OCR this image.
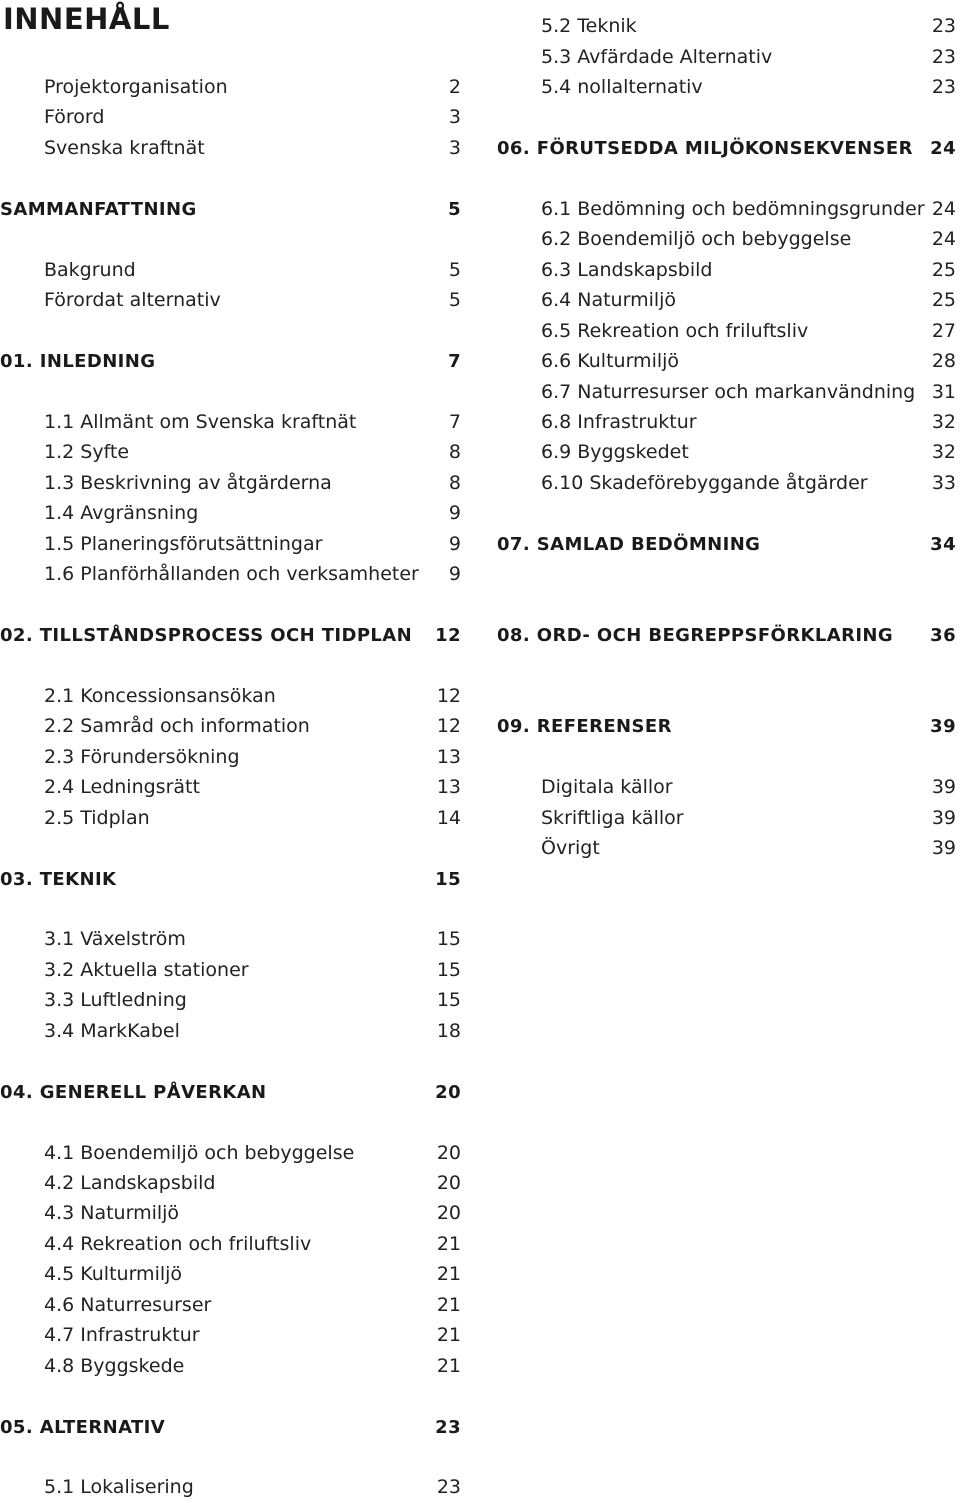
INNEHÅLL
Projektorganisation	2
Förord	3
Svenska kraftnät	3
SAMMANFATTNING	5
Bakgrund	5
Förordat alternativ	5
01. INLEDNING	7
1.1 Allmänt om Svenska kraftnät	7
1.2 Syfte	8
1.3 Beskrivning av åtgärderna	8
1.4 Avgränsning	9
1.5 Planeringsförutsättningar	9
1.6 Planförhållanden och verksamheter 9
02. TILLSTÅNDSPROCESS OCH TIDPLAN 12
2.1 Koncessionsansökan	12
2.2 Samråd och information	12
2.3 Förundersökning	13
2.4 Ledningsrätt	13
2.5 Tidplan	14
03. TEKNIK	15
3.1 Växelström	15
3.2 Aktuella stationer	15
3.3 Luftledning	15
3.4 MarkKabel	18
04. GENERELL PÅVERKAN	20
4.1 Boendemiljö och bebyggelse	20
4.2 Landskapsbild	20
4.3 Naturmiljö	20
4.4 Rekreation och friluftsliv	21
4.5 Kulturmiljö	21
4.6 Naturresurser	21
4.7 Infrastruktur	21
4.8 Byggskede	21
05. ALTERNATIV	23
5.1 Lokalisering	23
5.2 Teknik	23
5.3 Avfärdade Alternativ	23
5.4 nollalternativ	23
06. FÖRUTSEDDA MILJÖKONSEKVENSER 24
6.1 Bedömning och bedömningsgrunder 24
6.2 Boendemiljö och bebyggelse	24
6.3 Landskapsbild	25
6.4 Naturmiljö	25
6.5 Rekreation och friluftsliv	27
6.6 Kulturmiljö	28
6.7 Naturresurser och markanvändning 31
6.8 Infrastruktur	32
6.9 Byggskedet	32
6.10 Skadeförebyggande åtgärder	33
07. SAMLAD BEDÖMNING	34
08. ORD- OCH BEGREPPSFÖRKLARING 36
09. REFERENSER	39
Digitala källor	39
Skriftliga källor	39
Övrigt	39
